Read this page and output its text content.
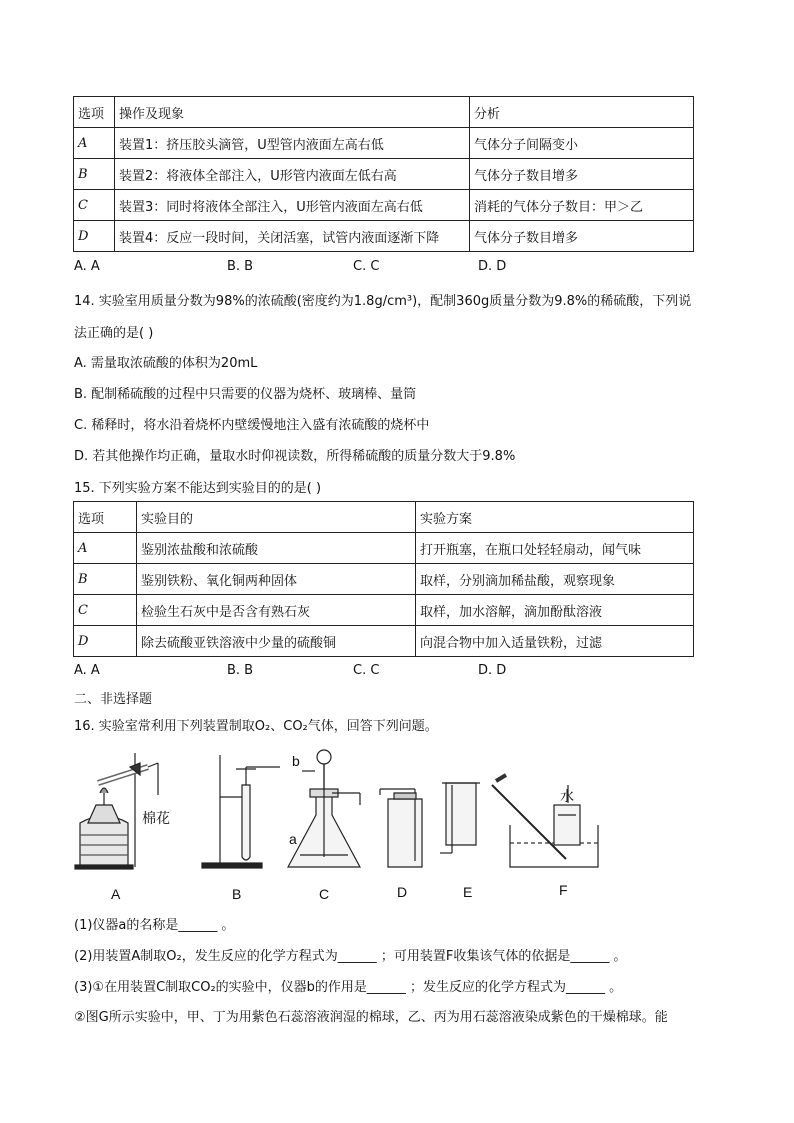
选项	操作及现象	分析
A	装置1：挤压胶头滴管，U型管内液面左高右低	气体分子间隔变小
B	装置2：将液体全部注入，U形管内液面左低右高	气体分子数目增多
C	装置3：同时将液体全部注入，U形管内液面左高右低	消耗的气体分子数目：甲＞乙
D	装置4：反应一段时间，关闭活塞，试管内液面逐渐下降	气体分子数目增多
A. A	B. B	C. C	D. D
14. 实验室用质量分数为98%的浓硫酸(密度约为1.8g/cm³)，配制360g质量分数为9.8%的稀硫酸，下列说
法正确的是( )
A. 需量取浓硫酸的体积为20mL
B. 配制稀硫酸的过程中只需要的仪器为烧杯、玻璃棒、量筒
C. 稀释时，将水沿着烧杯内壁缓慢地注入盛有浓硫酸的烧杯中
D. 若其他操作均正确，量取水时仰视读数，所得稀硫酸的质量分数大于9.8%
15. 下列实验方案不能达到实验目的的是( )
选项	实验目的	实验方案
A	鉴别浓盐酸和浓硫酸	打开瓶塞，在瓶口处轻轻扇动，闻气味
B	鉴别铁粉、氧化铜两种固体	取样，分别滴加稀盐酸，观察现象
C	检验生石灰中是否含有熟石灰	取样，加水溶解，滴加酚酞溶液
D	除去硫酸亚铁溶液中少量的硫酸铜	向混合物中加入适量铁粉，过滤
A. A	B. B	C. C	D. D
二、非选择题
16. 实验室常利用下列装置制取O₂、CO₂气体，回答下列问题。
棉花
水
b
a
A	B	C	D	E	F
(1)仪器a的名称是______ 。
(2)用装置A制取O₂，发生反应的化学方程式为______ ；可用装置F收集该气体的依据是______ 。
(3)①在用装置C制取CO₂的实验中，仪器b的作用是______ ；发生反应的化学方程式为______ 。
②图G所示实验中，甲、丁为用紫色石蕊溶液润湿的棉球，乙、丙为用石蕊溶液染成紫色的干燥棉球。能
